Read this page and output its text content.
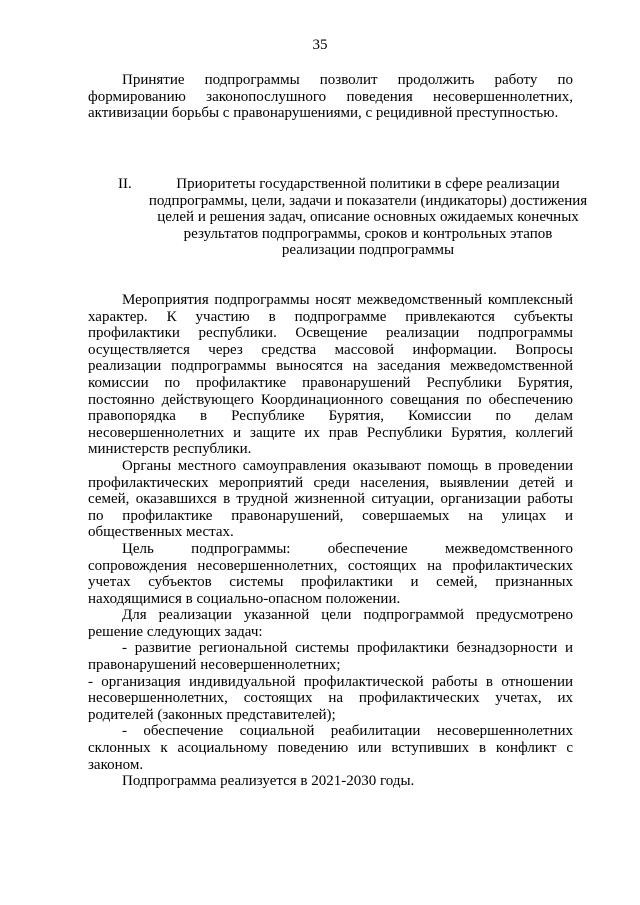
35

Принятие подпрограммы позволит продолжить работу по

формированию законопослушного поведения несовершеннолетних,

активизации борьбы с правонарушениями, с рецидивной преступностью.

II.	Приоритеты государственной политики в сфере реализации подпрограммы, цели, задачи и показатели (индикаторы) достижения целей и решения задач, описание основных ожидаемых конечных результатов подпрограммы, сроков и контрольных этапов реализации подпрограммы

Мероприятия подпрограммы носят межведомственный комплексный характер. К участию в подпрограмме привлекаются субъекты профилактики республики. Освещение реализации подпрограммы осуществляется через средства массовой информации. Вопросы реализации подпрограммы выносятся на заседания межведомственной комиссии по профилактике правонарушений Республики Бурятия, постоянно действующего Координационного совещания по обеспечению правопорядка в Республике Бурятия, Комиссии по делам несовершеннолетних и защите их прав Республики Бурятия, коллегий министерств республики.

Органы местного самоуправления оказывают помощь в проведении профилактических мероприятий среди населения, выявлении детей и семей, оказавшихся в трудной жизненной ситуации, организации работы по профилактике правонарушений, совершаемых на улицах и общественных местах.

Цель подпрограммы: обеспечение межведомственного сопровождения несовершеннолетних, состоящих на профилактических учетах субъектов системы профилактики и семей, признанных находящимися в социально-опасном положении.

Для реализации указанной цели подпрограммой предусмотрено решение следующих задач:

- развитие региональной системы профилактики безнадзорности и правонарушений несовершеннолетних;

- организация индивидуальной профилактической работы в отношении несовершеннолетних, состоящих на профилактических учетах, их родителей (законных представителей);

- обеспечение социальной реабилитации несовершеннолетних склонных к асоциальному поведению или вступивших в конфликт с законом.

Подпрограмма реализуется в 2021-2030 годы.
